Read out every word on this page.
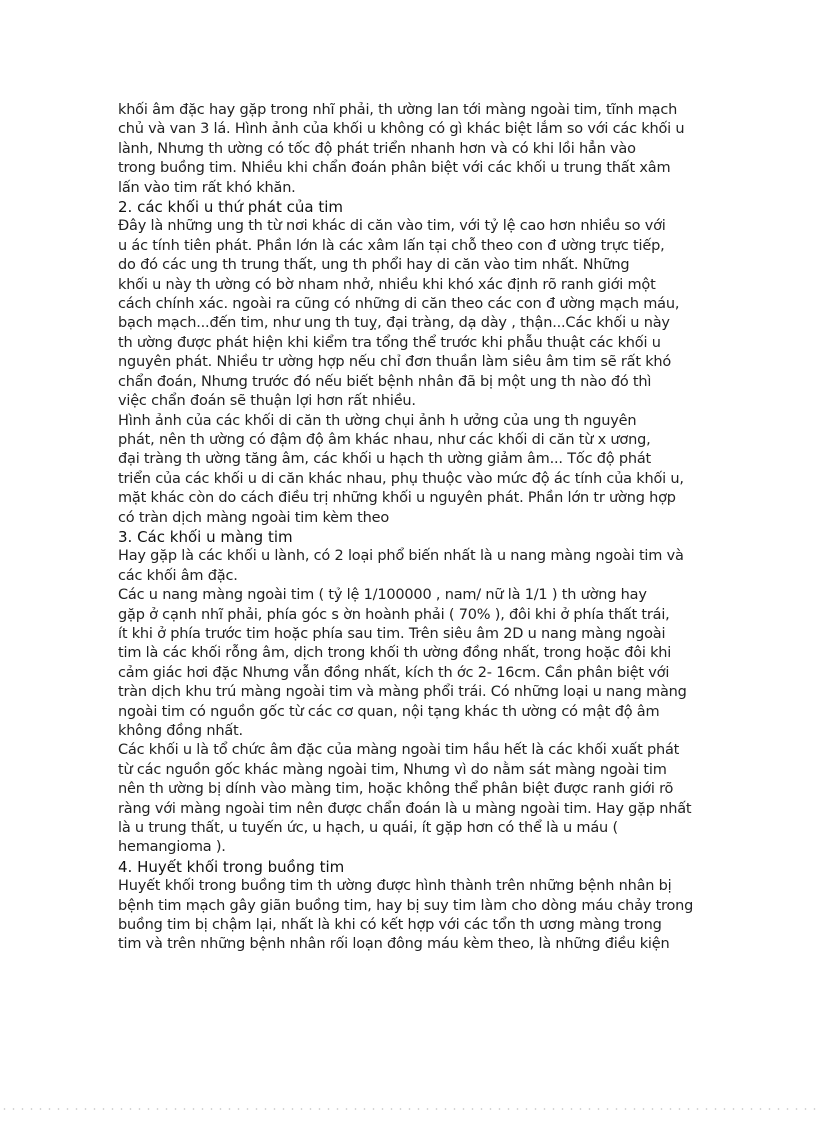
khối âm đặc hay gặp trong nhĩ phải, th ường lan tới màng ngoài tim, tĩnh mạch
chủ và van 3 lá. Hình ảnh của khối u không có gì khác biệt lắm so với các khối u
lành, Nhưng th ường có tốc độ phát triển nhanh hơn và có khi lồi hẳn vào
trong buồng tim. Nhiều khi chẩn đoán phân biệt với các khối u trung thất xâm
lấn vào tim rất khó khăn.
2. các khối u thứ phát của tim
Đây là những ung th từ nơi khác di căn vào tim, với tỷ lệ cao hơn nhiều so với
u ác tính tiên phát. Phần lớn là các xâm lấn tại chỗ theo con đ ường trực tiếp,
do đó các ung th trung thất, ung th phổi hay di căn vào tim nhất. Những
khối u này th ường có bờ nham nhở, nhiều khi khó xác định rõ ranh giới một
cách chính xác. ngoài ra cũng có những di căn theo các con đ ường mạch máu,
bạch mạch...đến tim, như ung th tuỵ, đại tràng, dạ dày , thận...Các khối u này
th ường được phát hiện khi kiểm tra tổng thể trước khi phẫu thuật các khối u
nguyên phát. Nhiều tr ường hợp nếu chỉ đơn thuần làm siêu âm tim sẽ rất khó
chẩn đoán, Nhưng trước đó nếu biết bệnh nhân đã bị một ung th nào đó thì
việc chẩn đoán sẽ thuận lợi hơn rất nhiều.
Hình ảnh của các khối di căn th ường chụi ảnh h ưởng của ung th nguyên
phát, nên th ường có đậm độ âm khác nhau, như các khối di căn từ x ương,
đại tràng th ường tăng âm, các khối u hạch th ường giảm âm... Tốc độ phát
triển của các khối u di căn khác nhau, phụ thuộc vào mức độ ác tính của khối u,
mặt khác còn do cách điều trị những khối u nguyên phát. Phần lớn tr ường hợp
có tràn dịch màng ngoài tim kèm theo
3. Các khối u màng tim
Hay gặp là các khối u lành, có 2 loại phổ biến nhất là u nang màng ngoài tim và
các khối âm đặc.
Các u nang màng ngoài tim ( tỷ lệ 1/100000 , nam/ nữ là 1/1 ) th ường hay
gặp ở cạnh nhĩ phải, phía góc s ờn hoành phải ( 70% ), đôi khi ở phía thất trái,
ít khi ở phía trước tim hoặc phía sau tim. Trên siêu âm 2D u nang màng ngoài
tim là các khối rỗng âm, dịch trong khối th ường đồng nhất, trong hoặc đôi khi
cảm giác hơi đặc Nhưng vẫn đồng nhất, kích th ớc 2- 16cm. Cần phân biệt với
tràn dịch khu trú màng ngoài tim và màng phổi trái. Có những loại u nang màng
ngoài tim có nguồn gốc từ các cơ quan, nội tạng khác th ường có mật độ âm
không đồng nhất.
Các khối u là tổ chức âm đặc của màng ngoài tim hầu hết là các khối xuất phát
từ các nguồn gốc khác màng ngoài tim, Nhưng vì do nằm sát màng ngoài tim
nên th ường bị dính vào màng tim, hoặc không thể phân biệt được ranh giới rõ
ràng với màng ngoài tim nên được chẩn đoán là u màng ngoài tim. Hay gặp nhất
là u trung thất, u tuyến ức, u hạch, u quái, ít gặp hơn có thể là u máu (
hemangioma ).
4. Huyết khối trong buồng tim
Huyết khối trong buồng tim th ường được hình thành trên những bệnh nhân bị
bệnh tim mạch gây giãn buồng tim, hay bị suy tim làm cho dòng máu chảy trong
buồng tim bị chậm lại, nhất là khi có kết hợp với các tổn th ương màng trong
tim và trên những bệnh nhân rối loạn đông máu kèm theo, là những điều kiện
